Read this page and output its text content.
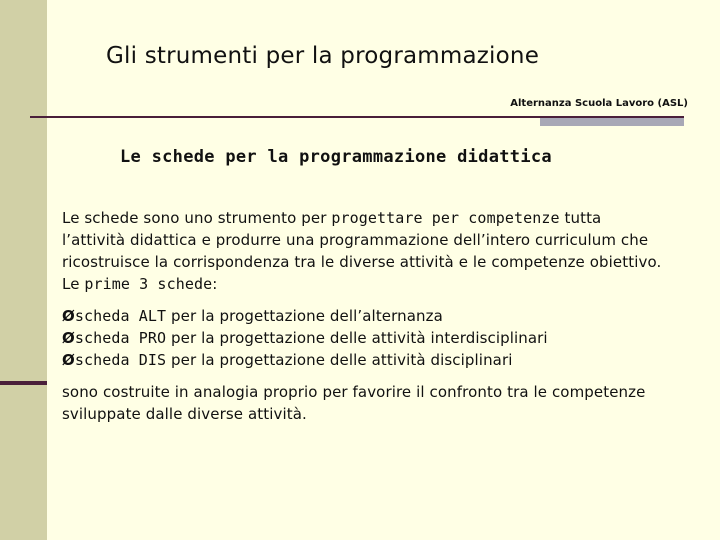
Gli strumenti per la programmazione
Alternanza Scuola Lavoro (ASL)
Le schede per la programmazione didattica
Le schede sono uno strumento per progettare per competenze tutta l’attività didattica e produrre una programmazione dell’intero curriculum che ricostruisce la corrispondenza tra le diverse attività e le competenze obiettivo. Le prime 3 schede:
Øscheda ALT per la progettazione dell’alternanza
Øscheda PRO per la progettazione delle attività interdisciplinari
Øscheda DIS per la progettazione delle attività disciplinari
sono costruite in analogia proprio per favorire il confronto tra le competenze sviluppate dalle diverse attività.
